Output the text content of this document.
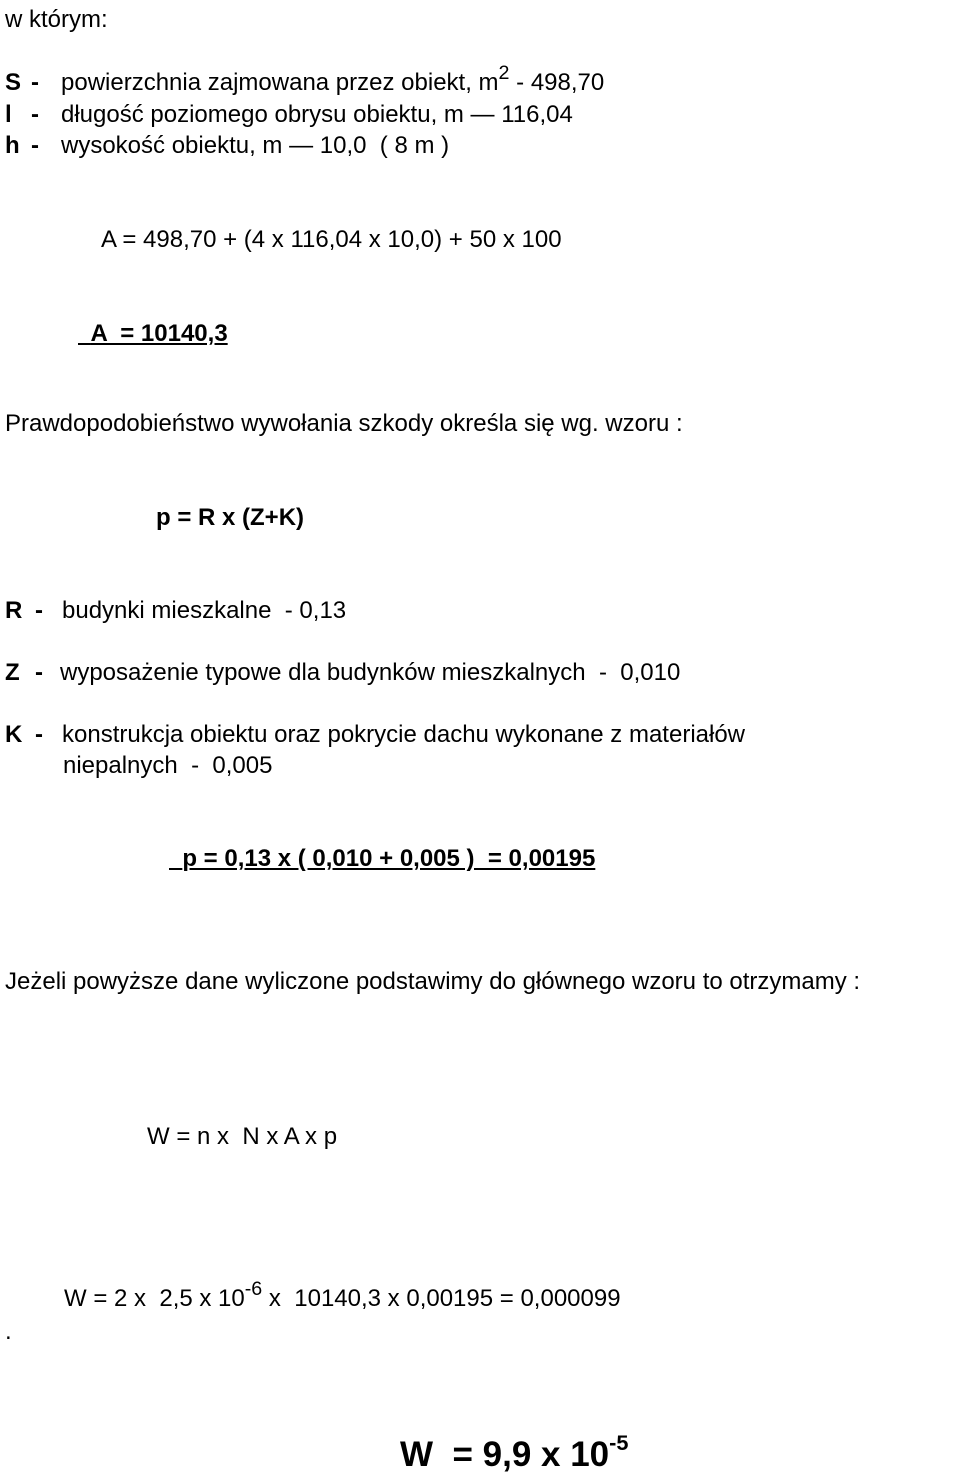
w którym:
S - powierzchnia zajmowana przez obiekt, $m^2 - 498,70$
l - długość poziomego obrysu obiektu, m — 116,04
h - wysokość obiektu, m — 10,0  ( 8 m )
A = 498,70 + (4 x 116,04 x 10,0) + 50 x 100
A  = 10140,3
Prawdopodobieństwo wywołania szkody określa się wg. wzoru :
p = R x (Z+K)
R - budynki mieszkalne  - 0,13
Z - wyposażenie typowe dla budynków mieszkalnych  -  0,010
K - konstrukcja obiektu oraz pokrycie dachu wykonane z materiałów
niepalnych  -  0,005
p = 0,13 x ( 0,010 + 0,005 )  = 0,00195
Jeżeli powyższe dane wyliczone podstawimy do głównego wzoru to otrzymamy :
W = n x  N x A x p
W = 2 x  2,5 x $10^{-6}$ x  10140,3 x 0,00195 = 0,000099
.
W  = 9,9 x $10^{-5}$
